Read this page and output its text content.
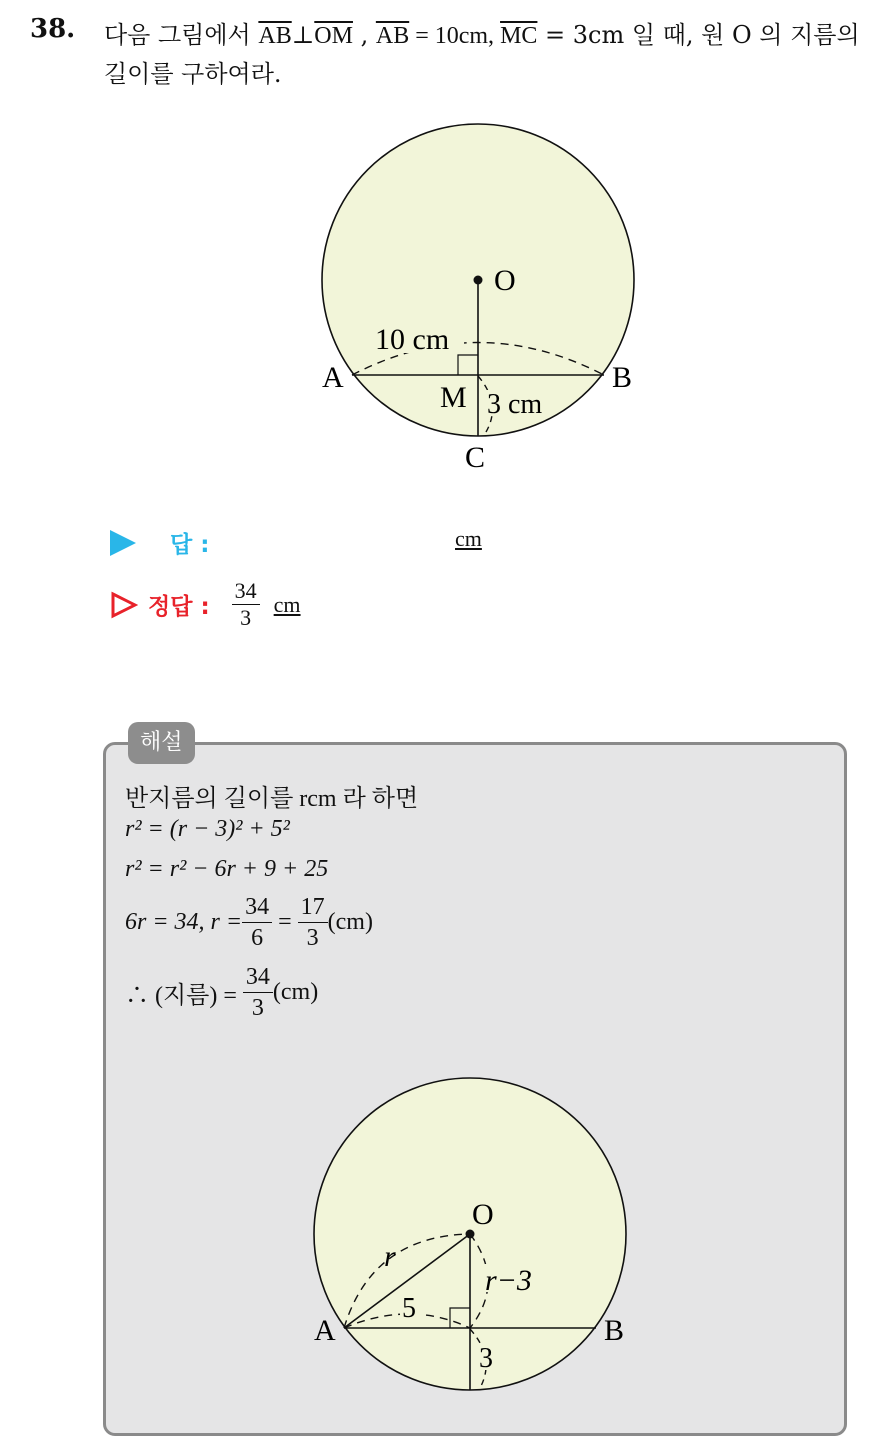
38. 다음 그림에서 $\overline{AB}\perp\overline{OM}$ , $\overline{AB} = 10cm$, $\overline{MC} = 3cm$ 일 때, 원 O 의 지름의 길이를 구하여라.
O
A	B
M
C
10 cm
3 cm
답 :	cm
정답 : $\frac{34}{3}$ cm
해설
반지름의 길이를 rcm 라 하면
r² = (r − 3)² + 5²
r² = r² − 6r + 9 + 25
6r = 34, $r = \frac{34}{6} = \frac{17}{3} (cm)$
∴ (지름) = $\frac{34}{3} (cm)$
O
A	B
r
5
r−3
3
